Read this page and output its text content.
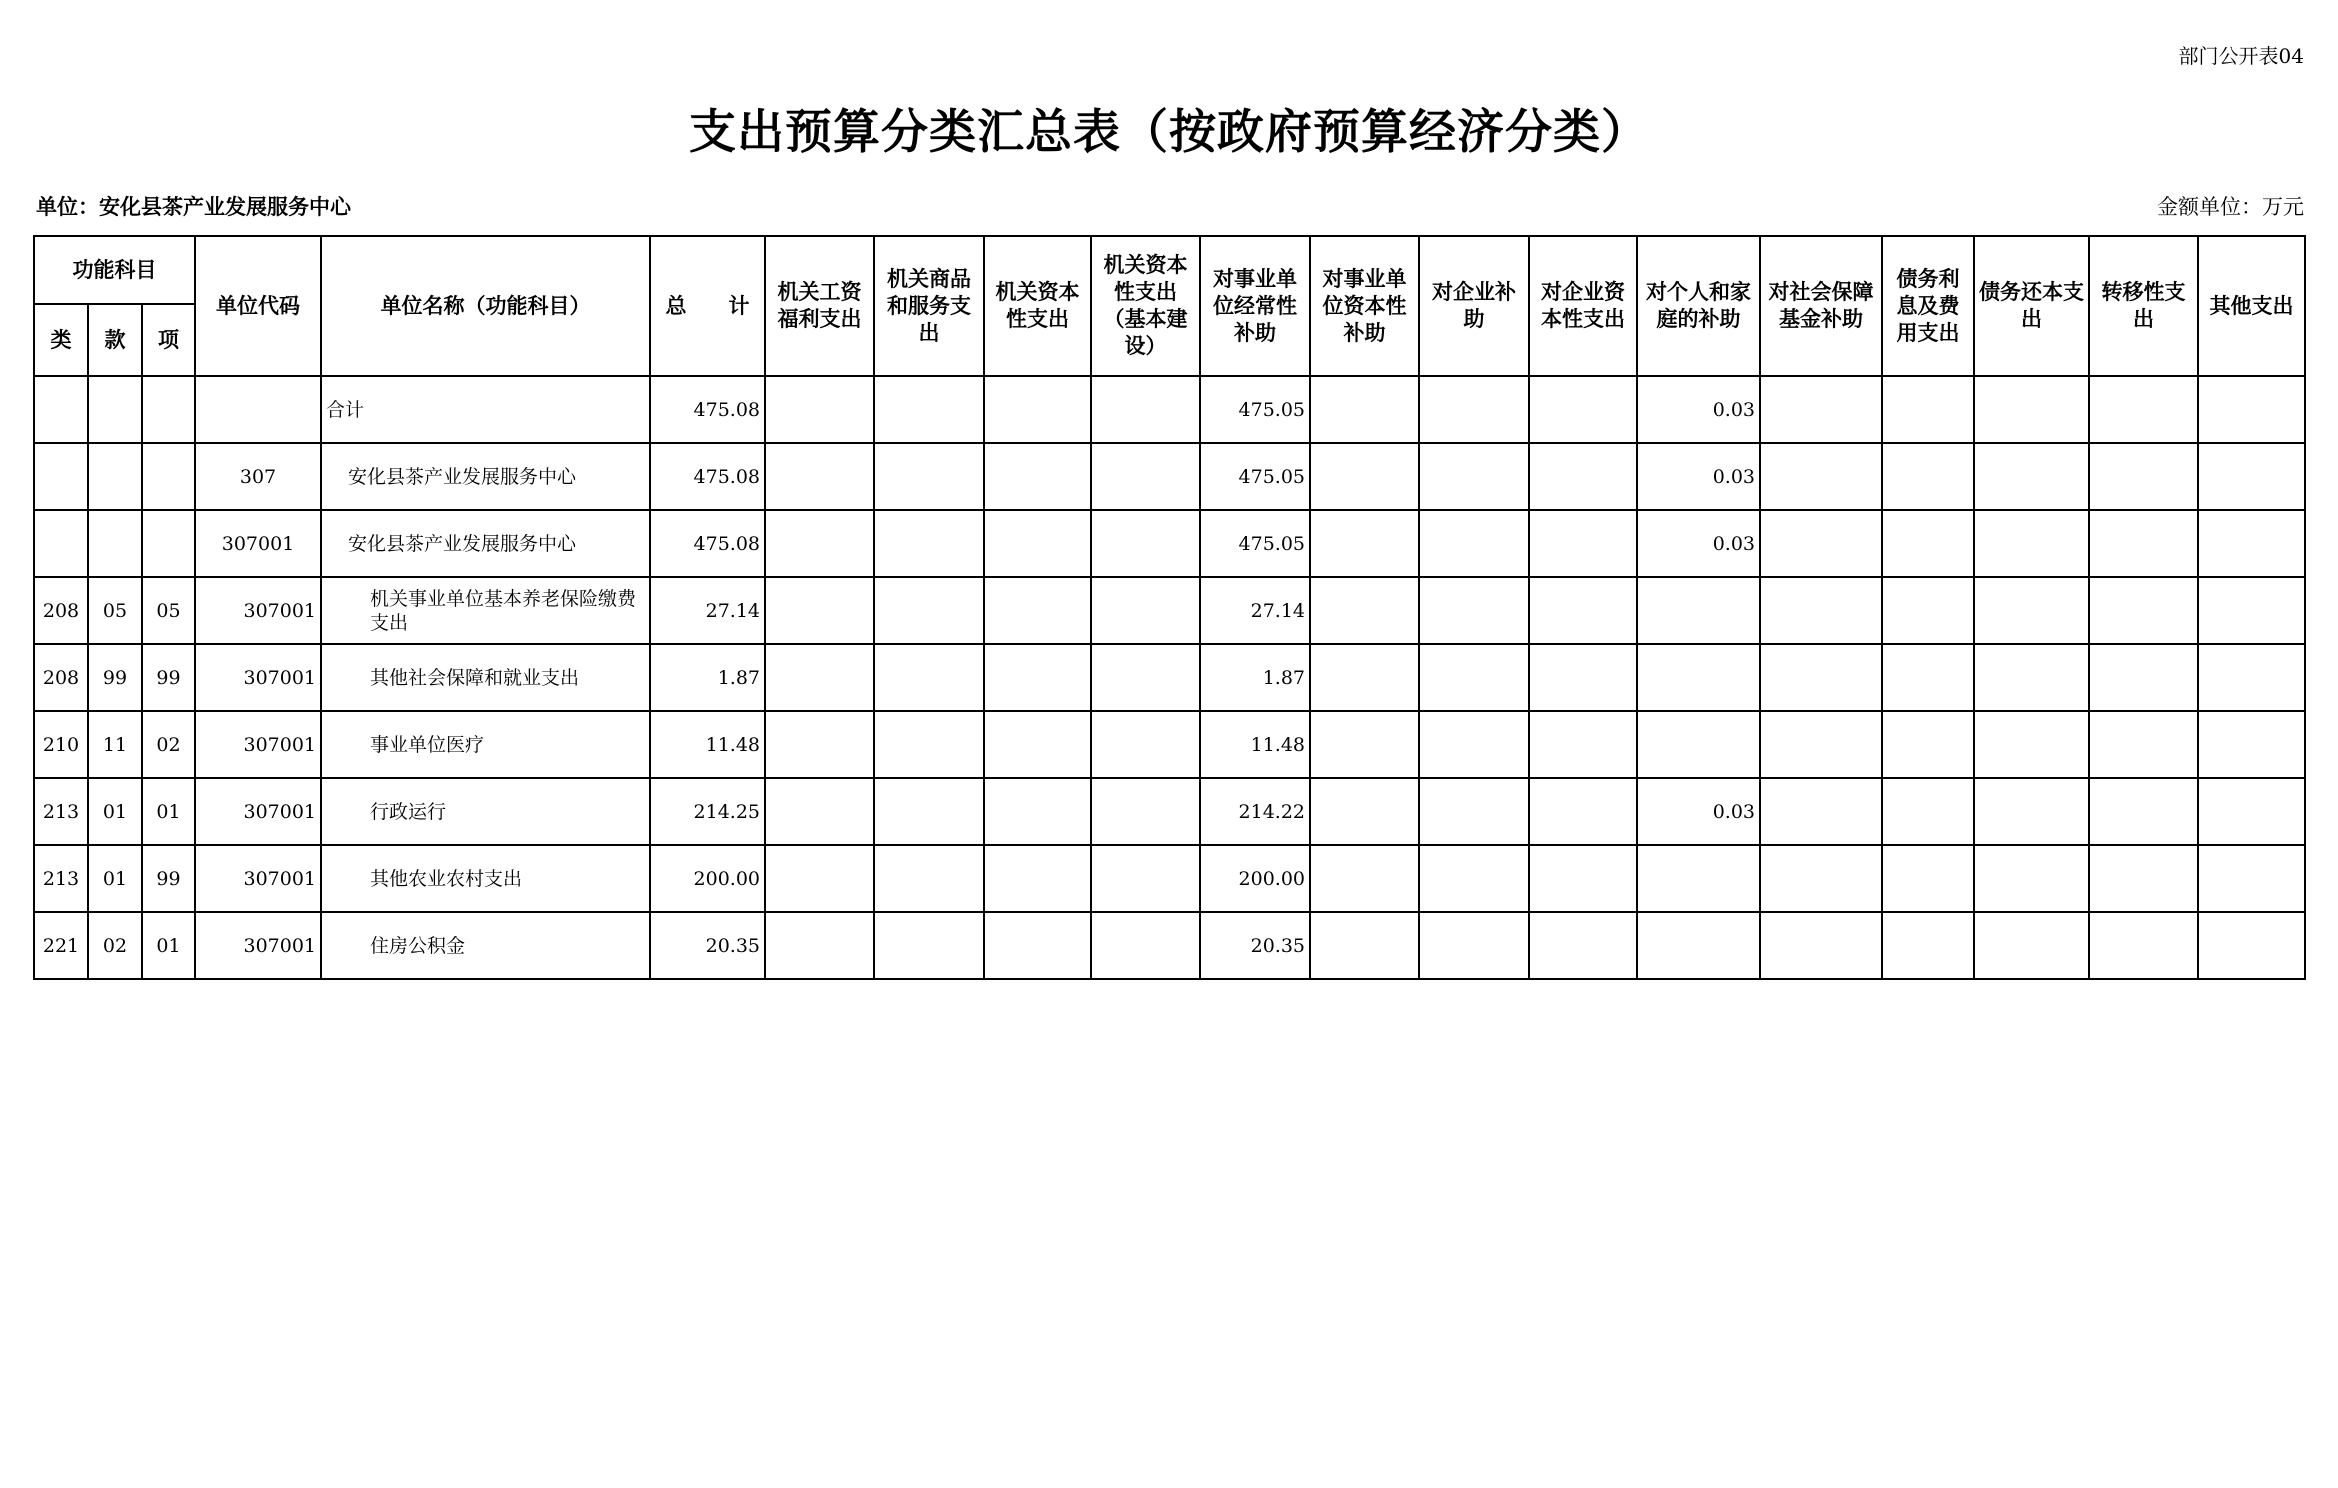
部门公开表04
支出预算分类汇总表（按政府预算经济分类）
单位：安化县茶产业发展服务中心	金额单位：万元
功能科目			单位代码	单位名称（功能科目）	总　　计	机关工资福利支出	机关商品和服务支出	机关资本性支出	机关资本性支出（基本建设）	对事业单位经常性补助	对事业单位资本性补助	对企业补助	对企业资本性支出	对个人和家庭的补助	对社会保障基金补助	债务利息及费用支出	债务还本支出	转移性支出	其他支出
类	款	项																	
				合计	475.08					475.05				0.03					
			307	安化县茶产业发展服务中心	475.08					475.05				0.03					
			307001	安化县茶产业发展服务中心	475.08					475.05				0.03					
208	05	05	307001	机关事业单位基本养老保险缴费支出	27.14					27.14									
208	99	99	307001	其他社会保障和就业支出	1.87					1.87									
210	11	02	307001	事业单位医疗	11.48					11.48									
213	01	01	307001	行政运行	214.25					214.22				0.03					
213	01	99	307001	其他农业农村支出	200.00					200.00									
221	02	01	307001	住房公积金	20.35					20.35									
